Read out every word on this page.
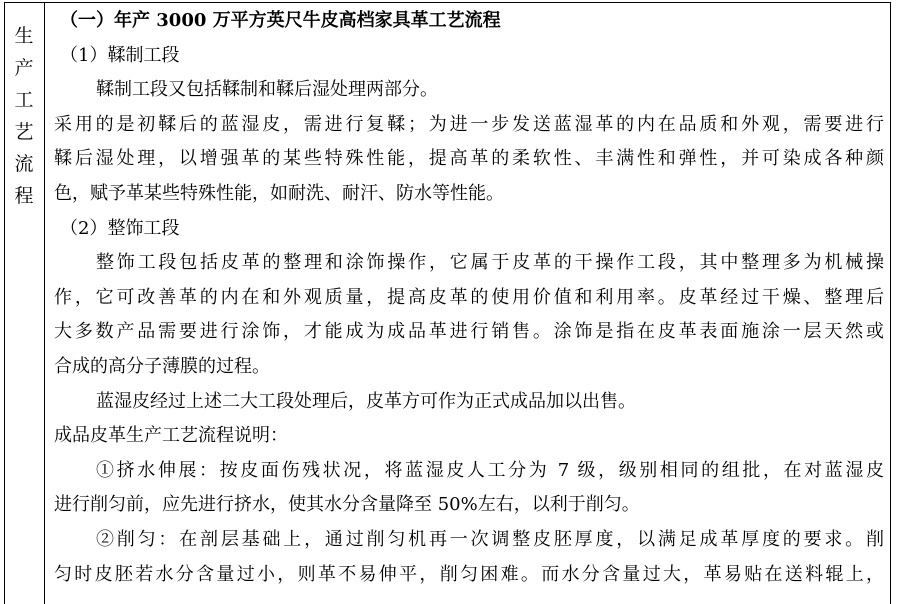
生
产
工
艺
流
程
（一）年产 3000 万平方英尺牛皮高档家具革工艺流程
（1）鞣制工段
鞣制工段又包括鞣制和鞣后湿处理两部分。
采用的是初鞣后的蓝湿皮，需进行复鞣；为进一步发送蓝湿革的内在品质和外观，需要进行
鞣后湿处理，以增强革的某些特殊性能，提高革的柔软性、丰满性和弹性，并可染成各种颜
色，赋予革某些特殊性能，如耐洗、耐汗、防水等性能。
（2）整饰工段
整饰工段包括皮革的整理和涂饰操作，它属于皮革的干操作工段，其中整理多为机械操
作，它可改善革的内在和外观质量，提高皮革的使用价值和利用率。皮革经过干燥、整理后
大多数产品需要进行涂饰，才能成为成品革进行销售。涂饰是指在皮革表面施涂一层天然或
合成的高分子薄膜的过程。
蓝湿皮经过上述二大工段处理后，皮革方可作为正式成品加以出售。
成品皮革生产工艺流程说明：
①挤水伸展：按皮面伤残状况，将蓝湿皮人工分为 7 级，级别相同的组批，在对蓝湿皮
进行削匀前，应先进行挤水，使其水分含量降至 50%左右，以利于削匀。
②削匀：在剖层基础上，通过削匀机再一次调整皮胚厚度，以满足成革厚度的要求。削
匀时皮胚若水分含量过小，则革不易伸平，削匀困难。而水分含量过大，革易贴在送料辊上，
